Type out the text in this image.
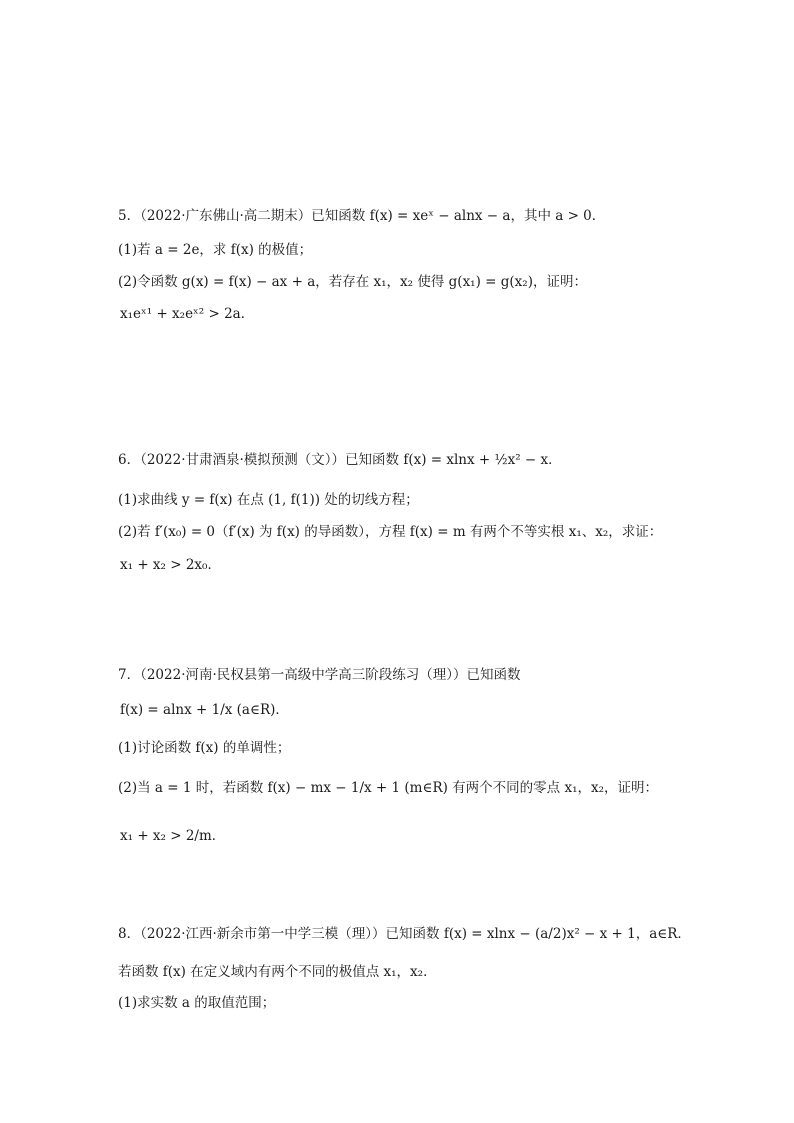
5．（2022·广东佛山·高二期末）已知函数 f(x) = xeˣ − alnx − a，其中 a > 0．
(1)若 a = 2e，求 f(x) 的极值；
(2)令函数 g(x) = f(x) − ax + a，若存在 x₁，x₂ 使得 g(x₁) = g(x₂)，证明：
x₁eˣ¹ + x₂eˣ² > 2a．
6．（2022·甘肃酒泉·模拟预测（文））已知函数 f(x) = xlnx + ½x² − x．
(1)求曲线 y = f(x) 在点 (1, f(1)) 处的切线方程；
(2)若 f′(x₀) = 0（f′(x) 为 f(x) 的导函数），方程 f(x) = m 有两个不等实根 x₁、x₂，求证：
x₁ + x₂ > 2x₀．
7．（2022·河南·民权县第一高级中学高三阶段练习（理））已知函数
f(x) = alnx + 1/x (a∈R)．
(1)讨论函数 f(x) 的单调性；
(2)当 a = 1 时，若函数 f(x) − mx − 1/x + 1 (m∈R) 有两个不同的零点 x₁，x₂，证明：
x₁ + x₂ > 2/m．
8．（2022·江西·新余市第一中学三模（理））已知函数 f(x) = xlnx − (a/2)x² − x + 1，a∈R．
若函数 f(x) 在定义域内有两个不同的极值点 x₁，x₂．
(1)求实数 a 的取值范围；
